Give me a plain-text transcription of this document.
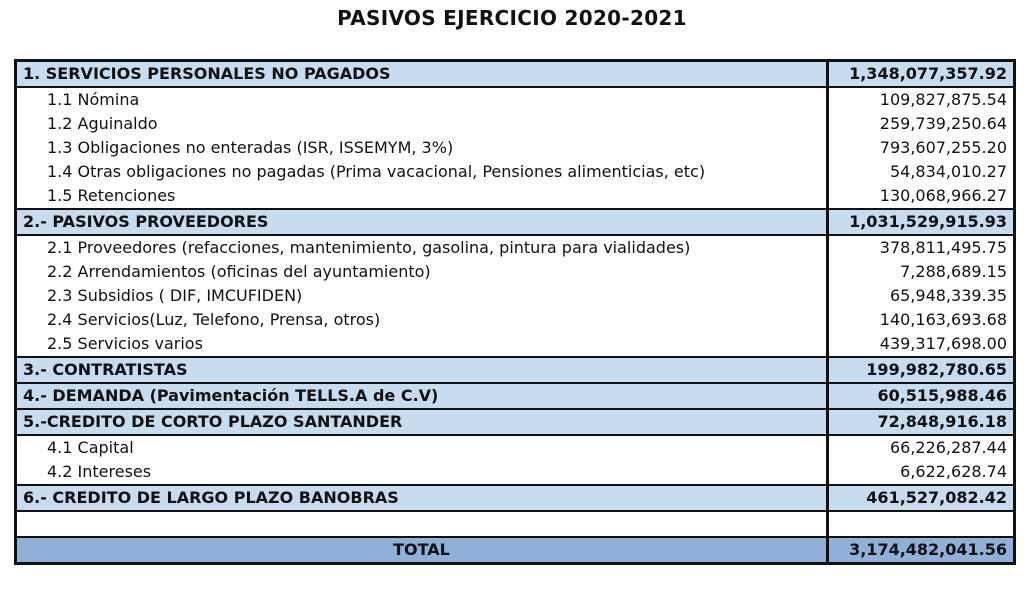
PASIVOS EJERCICIO 2020-2021
1. SERVICIOS PERSONALES NO PAGADOS	1,348,077,357.92
1.1 Nómina	109,827,875.54
1.2 Aguinaldo	259,739,250.64
1.3 Obligaciones no enteradas (ISR, ISSEMYM, 3%)	793,607,255.20
1.4 Otras obligaciones no pagadas (Prima vacacional, Pensiones alimenticias, etc)	54,834,010.27
1.5 Retenciones	130,068,966.27
2.- PASIVOS PROVEEDORES	1,031,529,915.93
2.1 Proveedores (refacciones, mantenimiento, gasolina, pintura para vialidades)	378,811,495.75
2.2 Arrendamientos (oficinas del ayuntamiento)	7,288,689.15
2.3 Subsidios ( DIF, IMCUFIDEN)	65,948,339.35
2.4 Servicios(Luz, Telefono, Prensa, otros)	140,163,693.68
2.5 Servicios varios	439,317,698.00
3.- CONTRATISTAS	199,982,780.65
4.- DEMANDA (Pavimentación TELLS.A de C.V)	60,515,988.46
5.-CREDITO DE CORTO PLAZO SANTANDER	72,848,916.18
4.1 Capital	66,226,287.44
4.2 Intereses	6,622,628.74
6.- CREDITO DE LARGO PLAZO BANOBRAS	461,527,082.42

TOTAL	3,174,482,041.56
